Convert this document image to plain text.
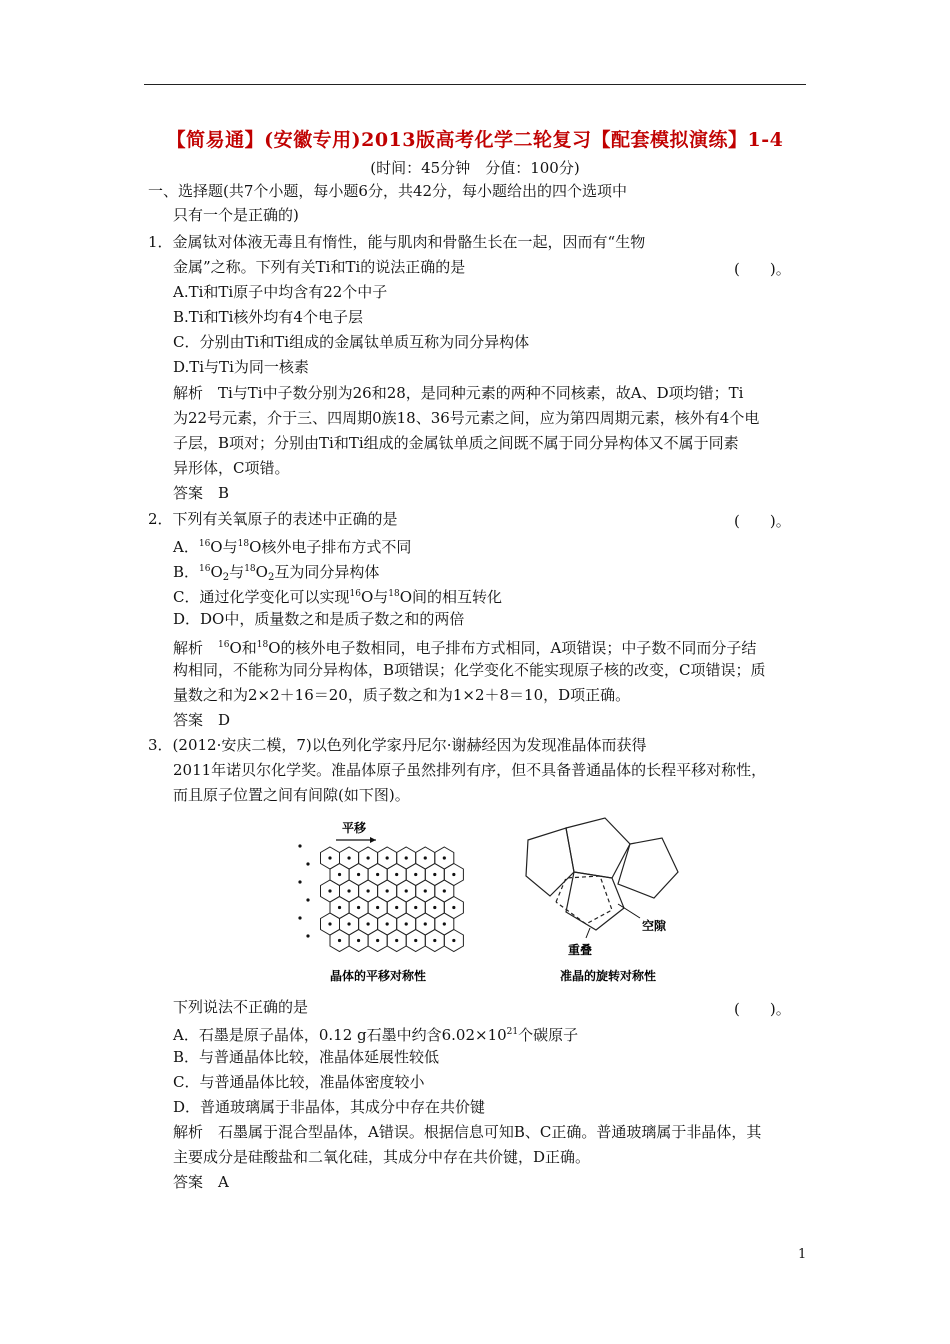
【简易通】(安徽专用)2013版高考化学二轮复习【配套模拟演练】1-4
(时间：45分钟　分值：100分)
一、选择题(共7个小题，每小题6分，共42分，每小题给出的四个选项中
只有一个是正确的)
1．金属钛对体液无毒且有惰性，能与肌肉和骨骼生长在一起，因而有“生物
金属”之称。下列有关Ti和Ti的说法正确的是	(　　)。
A.Ti和Ti原子中均含有22个中子
B.Ti和Ti核外均有4个电子层
C．分别由Ti和Ti组成的金属钛单质互称为同分异构体
D.Ti与Ti为同一核素
解析　Ti与Ti中子数分别为26和28，是同种元素的两种不同核素，故A、D项均错；Ti
为22号元素，介于三、四周期0族18、36号元素之间，应为第四周期元素，核外有4个电
子层，B项对；分别由Ti和Ti组成的金属钛单质之间既不属于同分异构体又不属于同素
异形体，C项错。
答案　B
2．下列有关氧原子的表述中正确的是	(　　)。
A．$^{16}$O与$^{18}$O核外电子排布方式不同
B．$^{16}O_2$与$^{18}O_2$互为同分异构体
C．通过化学变化可以实现$^{16}$O与$^{18}$O间的相互转化
D．DO中，质量数之和是质子数之和的两倍
解析　$^{16}$O和$^{18}$O的核外电子数相同，电子排布方式相同，A项错误；中子数不同而分子结
构相同，不能称为同分异构体，B项错误；化学变化不能实现原子核的改变，C项错误；质
量数之和为2×2＋16＝20，质子数之和为1×2＋8＝10，D项正确。
答案　D
3．(2012·安庆二模，7)以色列化学家丹尼尔·谢赫经因为发现准晶体而获得
2011年诺贝尔化学奖。准晶体原子虽然排列有序，但不具备普通晶体的长程平移对称性，
而且原子位置之间有间隙(如下图)。
平移
重叠
空隙
晶体的平移对称性	准晶的旋转对称性
下列说法不正确的是	(　　)。
A．石墨是原子晶体，0.12 g石墨中约含$6.02\times 10^{21}$个碳原子
B．与普通晶体比较，准晶体延展性较低
C．与普通晶体比较，准晶体密度较小
D．普通玻璃属于非晶体，其成分中存在共价键
解析　石墨属于混合型晶体，A错误。根据信息可知B、C正确。普通玻璃属于非晶体，其
主要成分是硅酸盐和二氧化硅，其成分中存在共价键，D正确。
答案　A
1
